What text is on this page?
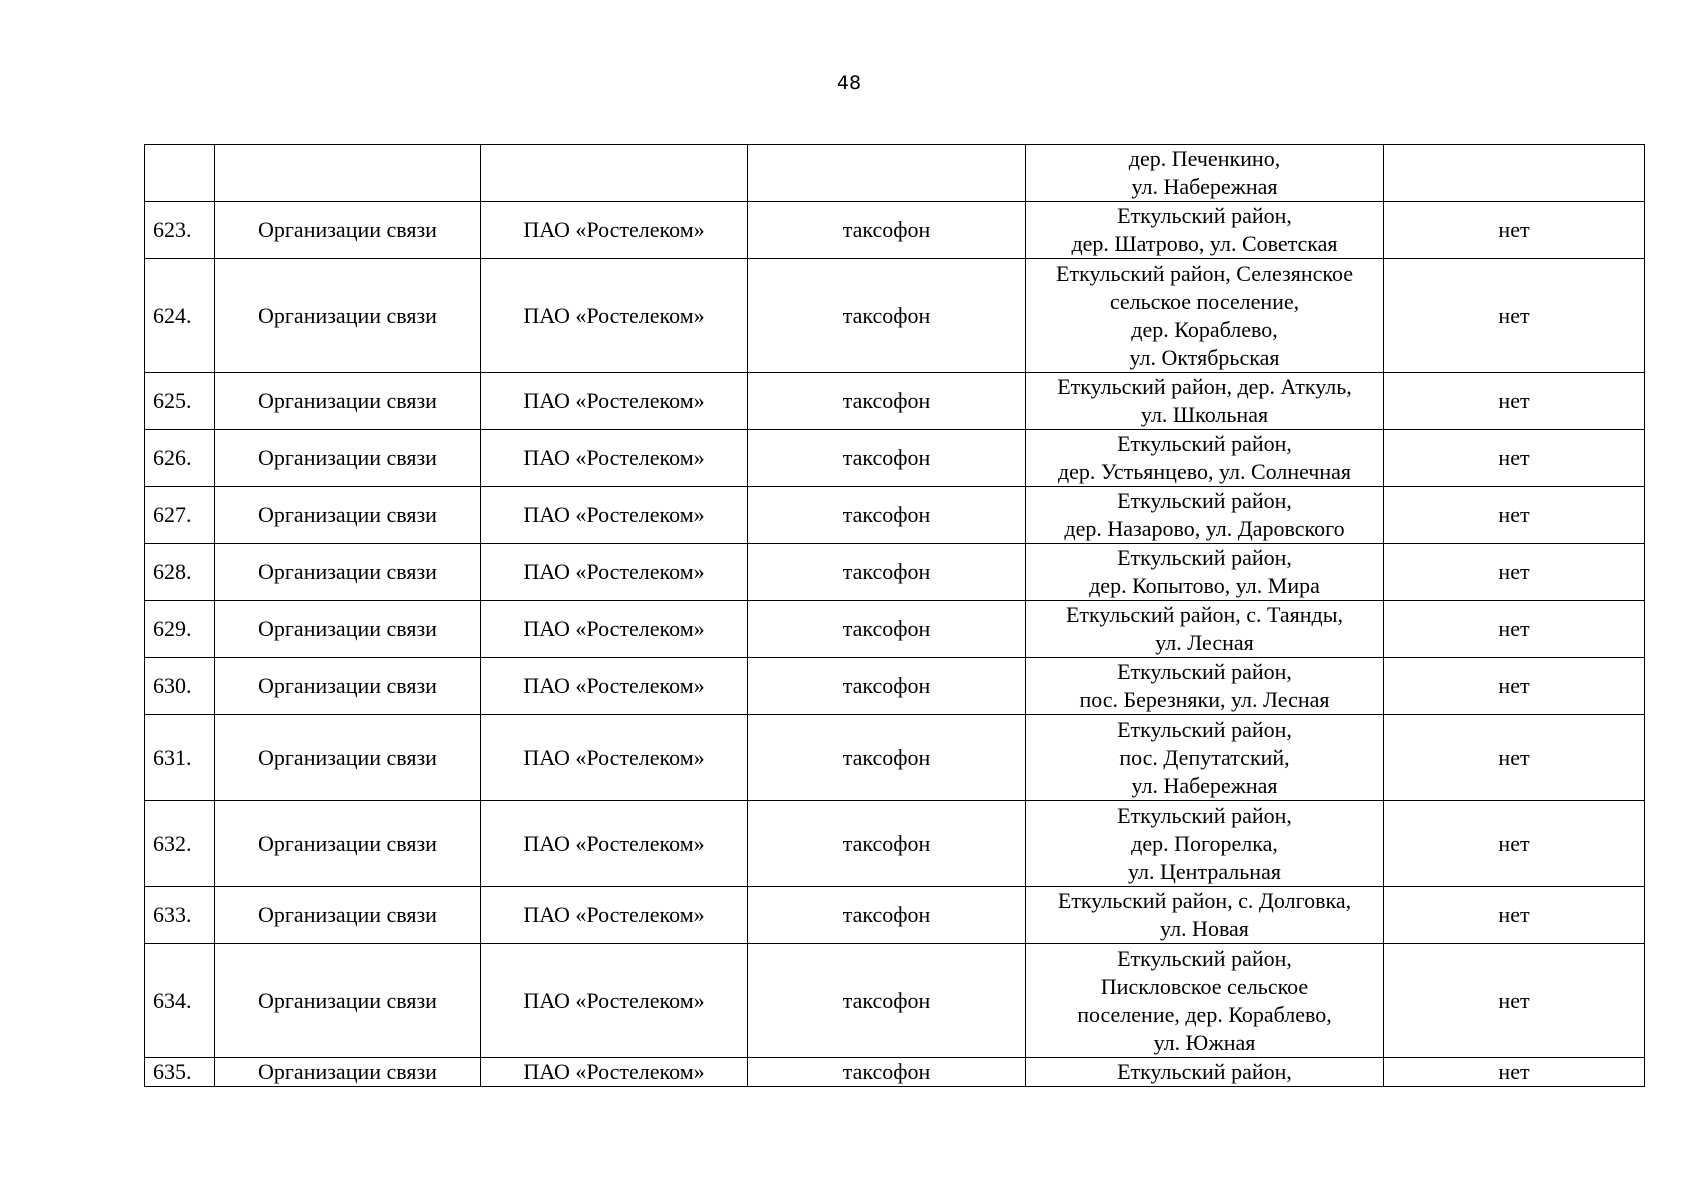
48

				дер. Печенкино,
ул. Набережная	

623.	Организации связи	ПАО «Ростелеком»	таксофон	Еткульский район,
дер. Шатрово, ул. Советская	нет
624.	Организации связи	ПАО «Ростелеком»	таксофон	Еткульский район, Селезянское
сельское поселение,
дер. Кораблево,
ул. Октябрьская	нет
625.	Организации связи	ПАО «Ростелеком»	таксофон	Еткульский район, дер. Аткуль,
ул. Школьная	нет
626.	Организации связи	ПАО «Ростелеком»	таксофон	Еткульский район,
дер. Устьянцево, ул. Солнечная	нет
627.	Организации связи	ПАО «Ростелеком»	таксофон	Еткульский район,
дер. Назарово, ул. Даровского	нет
628.	Организации связи	ПАО «Ростелеком»	таксофон	Еткульский район,
дер. Копытово, ул. Мира	нет
629.	Организации связи	ПАО «Ростелеком»	таксофон	Еткульский район, с. Таянды,
ул. Лесная	нет
630.	Организации связи	ПАО «Ростелеком»	таксофон	Еткульский район,
пос. Березняки, ул. Лесная	нет
631.	Организации связи	ПАО «Ростелеком»	таксофон	Еткульский район,
пос. Депутатский,
ул. Набережная	нет
632.	Организации связи	ПАО «Ростелеком»	таксофон	Еткульский район,
дер. Погорелка,
ул. Центральная	нет
633.	Организации связи	ПАО «Ростелеком»	таксофон	Еткульский район, с. Долговка,
ул. Новая	нет
634.	Организации связи	ПАО «Ростелеком»	таксофон	Еткульский район,
Пискловское сельское
поселение, дер. Кораблево,
ул. Южная	нет
635.	Организации связи	ПАО «Ростелеком»	таксофон	Еткульский район,	нет
